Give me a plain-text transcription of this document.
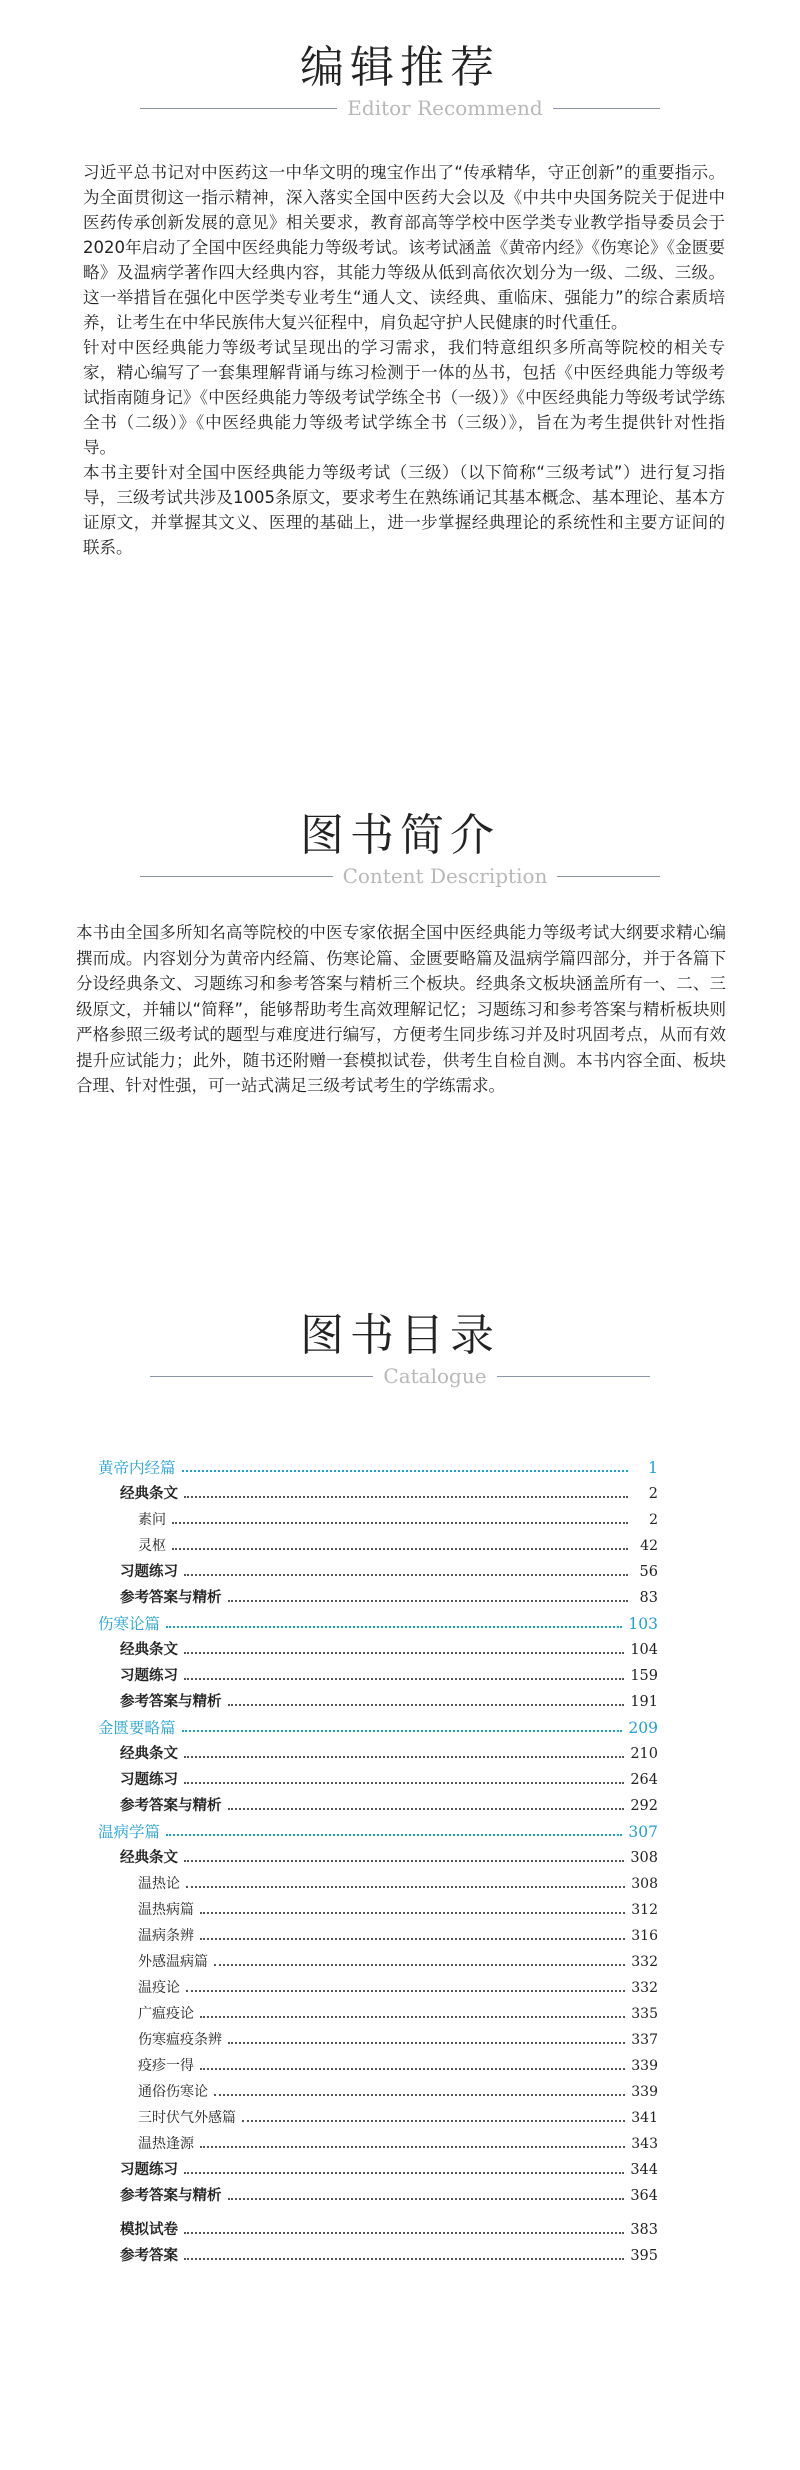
编辑推荐
Editor Recommend

习近平总书记对中医药这一中华文明的瑰宝作出了“传承精华，守正创新”的重要指示。为全面贯彻这一指示精神，深入落实全国中医药大会以及《中共中央国务院关于促进中医药传承创新发展的意见》相关要求，教育部高等学校中医学类专业教学指导委员会于2020年启动了全国中医经典能力等级考试。该考试涵盖《黄帝内经》《伤寒论》《金匮要略》及温病学著作四大经典内容，其能力等级从低到高依次划分为一级、二级、三级。这一举措旨在强化中医学类专业考生“通人文、读经典、重临床、强能力”的综合素质培养，让考生在中华民族伟大复兴征程中，肩负起守护人民健康的时代重任。

针对中医经典能力等级考试呈现出的学习需求，我们特意组织多所高等院校的相关专家，精心编写了一套集理解背诵与练习检测于一体的丛书，包括《中医经典能力等级考试指南随身记》《中医经典能力等级考试学练全书（一级）》《中医经典能力等级考试学练全书（二级）》《中医经典能力等级考试学练全书（三级）》，旨在为考生提供针对性指导。

本书主要针对全国中医经典能力等级考试（三级）（以下简称“三级考试”）进行复习指导，三级考试共涉及1005条原文，要求考生在熟练诵记其基本概念、基本理论、基本方证原文，并掌握其文义、医理的基础上，进一步掌握经典理论的系统性和主要方证间的联系。

图书简介
Content Description
本书由全国多所知名高等院校的中医专家依据全国中医经典能力等级考试大纲要求精心编撰而成。内容划分为黄帝内经篇、伤寒论篇、金匮要略篇及温病学篇四部分，并于各篇下分设经典条文、习题练习和参考答案与精析三个板块。经典条文板块涵盖所有一、二、三级原文，并辅以“简释”，能够帮助考生高效理解记忆；习题练习和参考答案与精析板块则严格参照三级考试的题型与难度进行编写，方便考生同步练习并及时巩固考点，从而有效提升应试能力；此外，随书还附赠一套模拟试卷，供考生自检自测。本书内容全面、板块合理、针对性强，可一站式满足三级考试考生的学练需求。
图书目录
Catalogue
黄帝内经篇	1
经典条文	2
素问	2
灵枢	42
习题练习	56
参考答案与精析	83
伤寒论篇	103
经典条文	104
习题练习	159
参考答案与精析	191
金匮要略篇	209
经典条文	210
习题练习	264
参考答案与精析	292
温病学篇	307
经典条文	308
温热论	308
温热病篇	312
温病条辨	316
外感温病篇	332
温疫论	332
广瘟疫论	335
伤寒瘟疫条辨	337
疫疹一得	339
通俗伤寒论	339
三时伏气外感篇	341
温热逢源	343
习题练习	344
参考答案与精析	364
模拟试卷	383
参考答案	395
